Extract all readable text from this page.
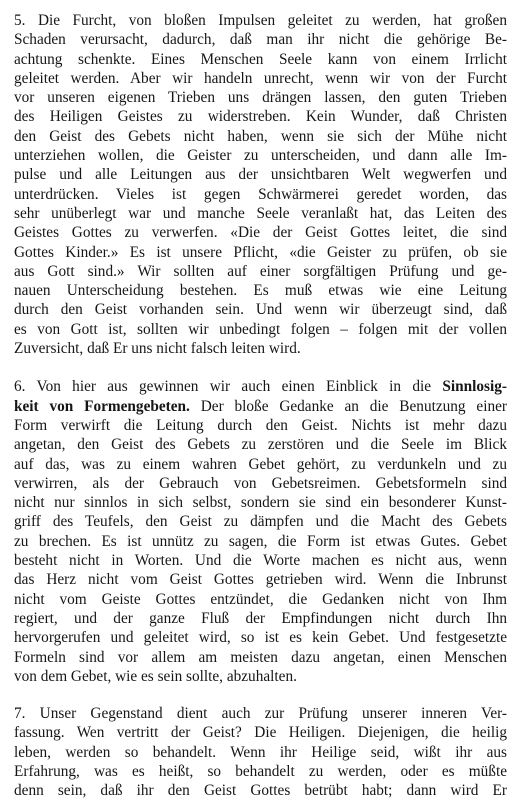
5. Die Furcht, von bloßen Impulsen geleitet zu werden, hat großen
Schaden verursacht, dadurch, daß man ihr nicht die gehörige Be-
achtung schenkte. Eines Menschen Seele kann von einem Irrlicht
geleitet werden. Aber wir handeln unrecht, wenn wir von der Furcht
vor unseren eigenen Trieben uns drängen lassen, den guten Trieben
des Heiligen Geistes zu widerstreben. Kein Wunder, daß Christen
den Geist des Gebets nicht haben, wenn sie sich der Mühe nicht
unterziehen wollen, die Geister zu unterscheiden, und dann alle Im-
pulse und alle Leitungen aus der unsichtbaren Welt wegwerfen und
unterdrücken. Vieles ist gegen Schwärmerei geredet worden, das
sehr unüberlegt war und manche Seele veranlaßt hat, das Leiten des
Geistes Gottes zu verwerfen. «Die der Geist Gottes leitet, die sind
Gottes Kinder.» Es ist unsere Pflicht, «die Geister zu prüfen, ob sie
aus Gott sind.» Wir sollten auf einer sorgfältigen Prüfung und ge-
nauen Unterscheidung bestehen. Es muß etwas wie eine Leitung
durch den Geist vorhanden sein. Und wenn wir überzeugt sind, daß
es von Gott ist, sollten wir unbedingt folgen – folgen mit der vollen
Zuversicht, daß Er uns nicht falsch leiten wird.
6. Von hier aus gewinnen wir auch einen Einblick in die Sinnlosig-
keit von Formengebeten. Der bloße Gedanke an die Benutzung einer
Form verwirft die Leitung durch den Geist. Nichts ist mehr dazu
angetan, den Geist des Gebets zu zerstören und die Seele im Blick
auf das, was zu einem wahren Gebet gehört, zu verdunkeln und zu
verwirren, als der Gebrauch von Gebetsreimen. Gebetsformeln sind
nicht nur sinnlos in sich selbst, sondern sie sind ein besonderer Kunst-
griff des Teufels, den Geist zu dämpfen und die Macht des Gebets
zu brechen. Es ist unnütz zu sagen, die Form ist etwas Gutes. Gebet
besteht nicht in Worten. Und die Worte machen es nicht aus, wenn
das Herz nicht vom Geist Gottes getrieben wird. Wenn die Inbrunst
nicht vom Geiste Gottes entzündet, die Gedanken nicht von Ihm
regiert, und der ganze Fluß der Empfindungen nicht durch Ihn
hervorgerufen und geleitet wird, so ist es kein Gebet. Und festgesetzte
Formeln sind vor allem am meisten dazu angetan, einen Menschen
von dem Gebet, wie es sein sollte, abzuhalten.
7. Unser Gegenstand dient auch zur Prüfung unserer inneren Ver-
fassung. Wen vertritt der Geist? Die Heiligen. Diejenigen, die heilig
leben, werden so behandelt. Wenn ihr Heilige seid, wißt ihr aus
Erfahrung, was es heißt, so behandelt zu werden, oder es müßte
denn sein, daß ihr den Geist Gottes betrübt habt; dann wird Er
